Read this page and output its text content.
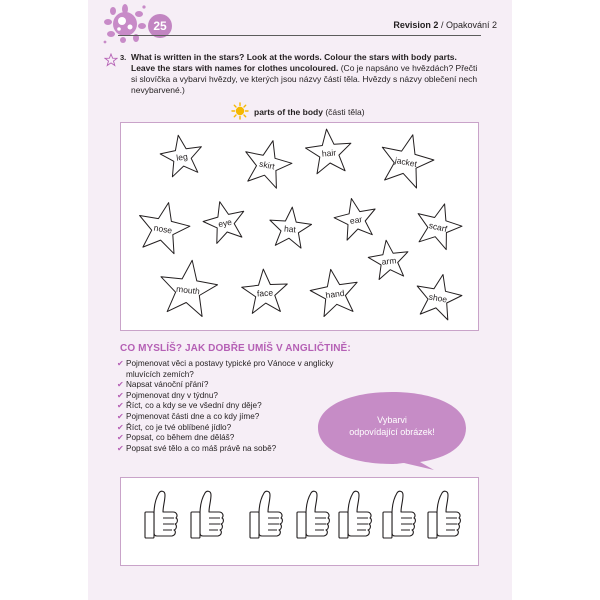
25	Revision 2 / Opakování 2
3. What is written in the stars? Look at the words. Colour the stars with body parts. Leave the stars with names for clothes uncoloured. (Co je napsáno ve hvězdách? Přečti si slovíčka a vybarvi hvězdy, ve kterých jsou názvy částí těla. Hvězdy s názvy oblečení nech nevybarvené.)
parts of the body (části těla)
leg
skirt
hair
jacket
nose	eye	hat
ear
scarf
arm
mouth	face	hand	shoe
CO MYSLÍŠ? JAK DOBŘE UMÍŠ V ANGLIČTINĚ:
✔ Pojmenovat věci a postavy typické pro Vánoce v anglicky mluvících zemích?
✔ Napsat vánoční přání?
✔ Pojmenovat dny v týdnu?
✔ Říct, co a kdy se ve všední dny děje?
✔ Pojmenovat části dne a co kdy jíme?
✔ Říct, co je tvé oblíbené jídlo?
✔ Popsat, co během dne děláš?
✔ Popsat své tělo a co máš právě na sobě?
Vybarvi
odpovídající obrázek!
